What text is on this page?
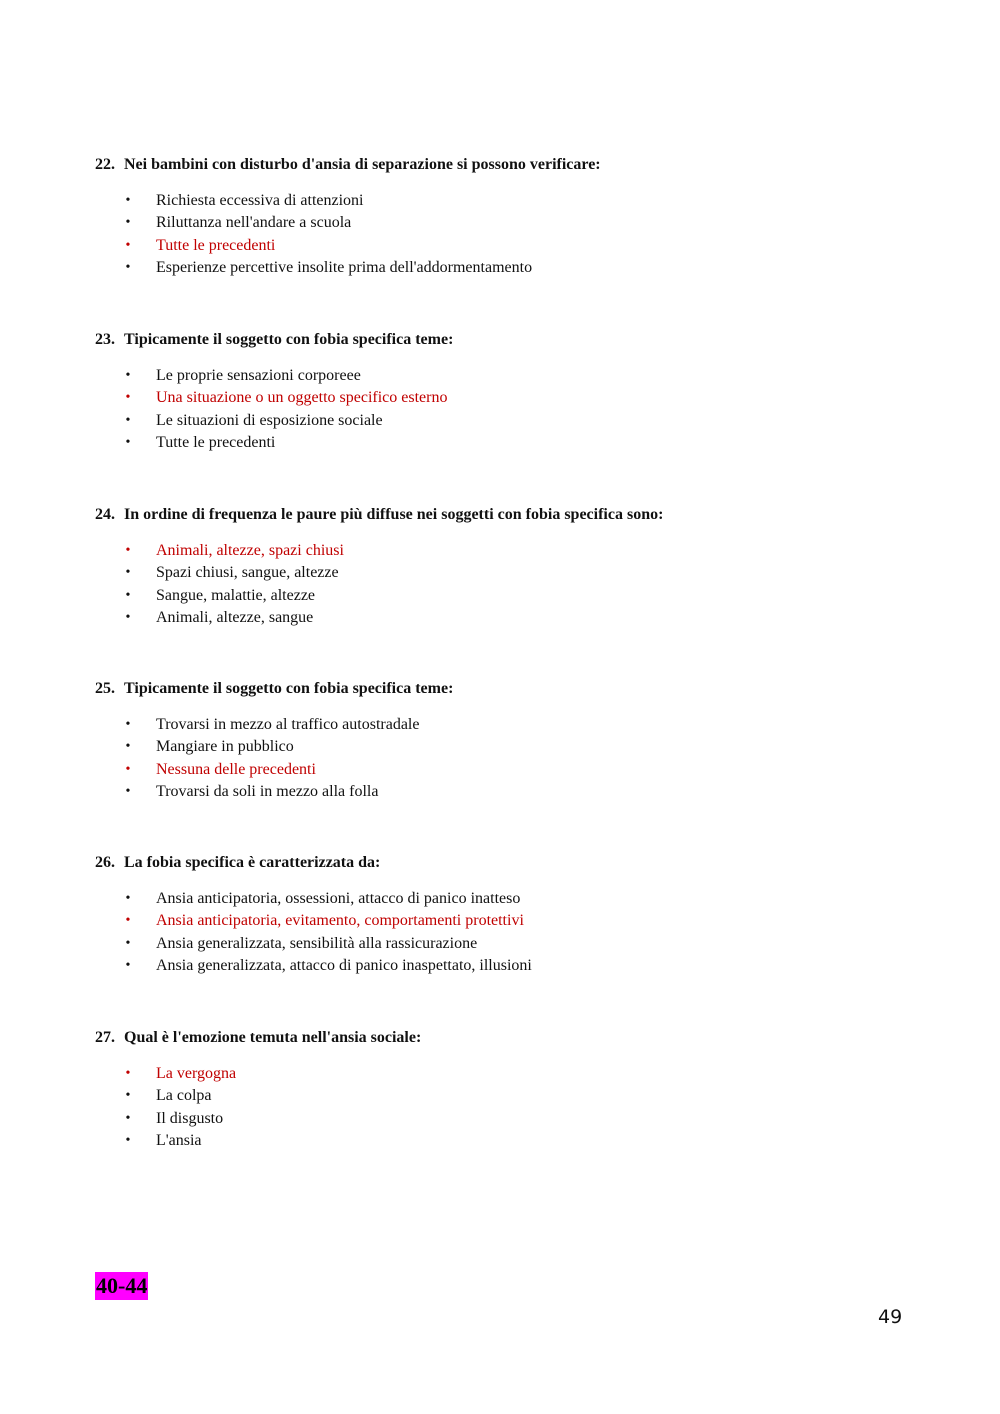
22. Nei bambini con disturbo d'ansia di separazione si possono verificare:

• Richiesta eccessiva di attenzioni
• Riluttanza nell'andare a scuola
• Tutte le precedenti
• Esperienze percettive insolite prima dell'addormentamento

23. Tipicamente il soggetto con fobia specifica teme:

• Le proprie sensazioni corporeee
• Una situazione o un oggetto specifico esterno
• Le situazioni di esposizione sociale
• Tutte le precedenti

24. In ordine di frequenza le paure più diffuse nei soggetti con fobia specifica sono:

• Animali, altezze, spazi chiusi
• Spazi chiusi, sangue, altezze
• Sangue, malattie, altezze
• Animali, altezze, sangue

25. Tipicamente il soggetto con fobia specifica teme:

• Trovarsi in mezzo al traffico autostradale
• Mangiare in pubblico
• Nessuna delle precedenti
• Trovarsi da soli in mezzo alla folla

26. La fobia specifica è caratterizzata da:

• Ansia anticipatoria, ossessioni, attacco di panico inatteso
• Ansia anticipatoria, evitamento, comportamenti protettivi
• Ansia generalizzata, sensibilità alla rassicurazione
• Ansia generalizzata, attacco di panico inaspettato, illusioni

27. Qual è l'emozione temuta nell'ansia sociale:

• La vergogna
• La colpa
• Il disgusto
• L'ansia
40-44
49
